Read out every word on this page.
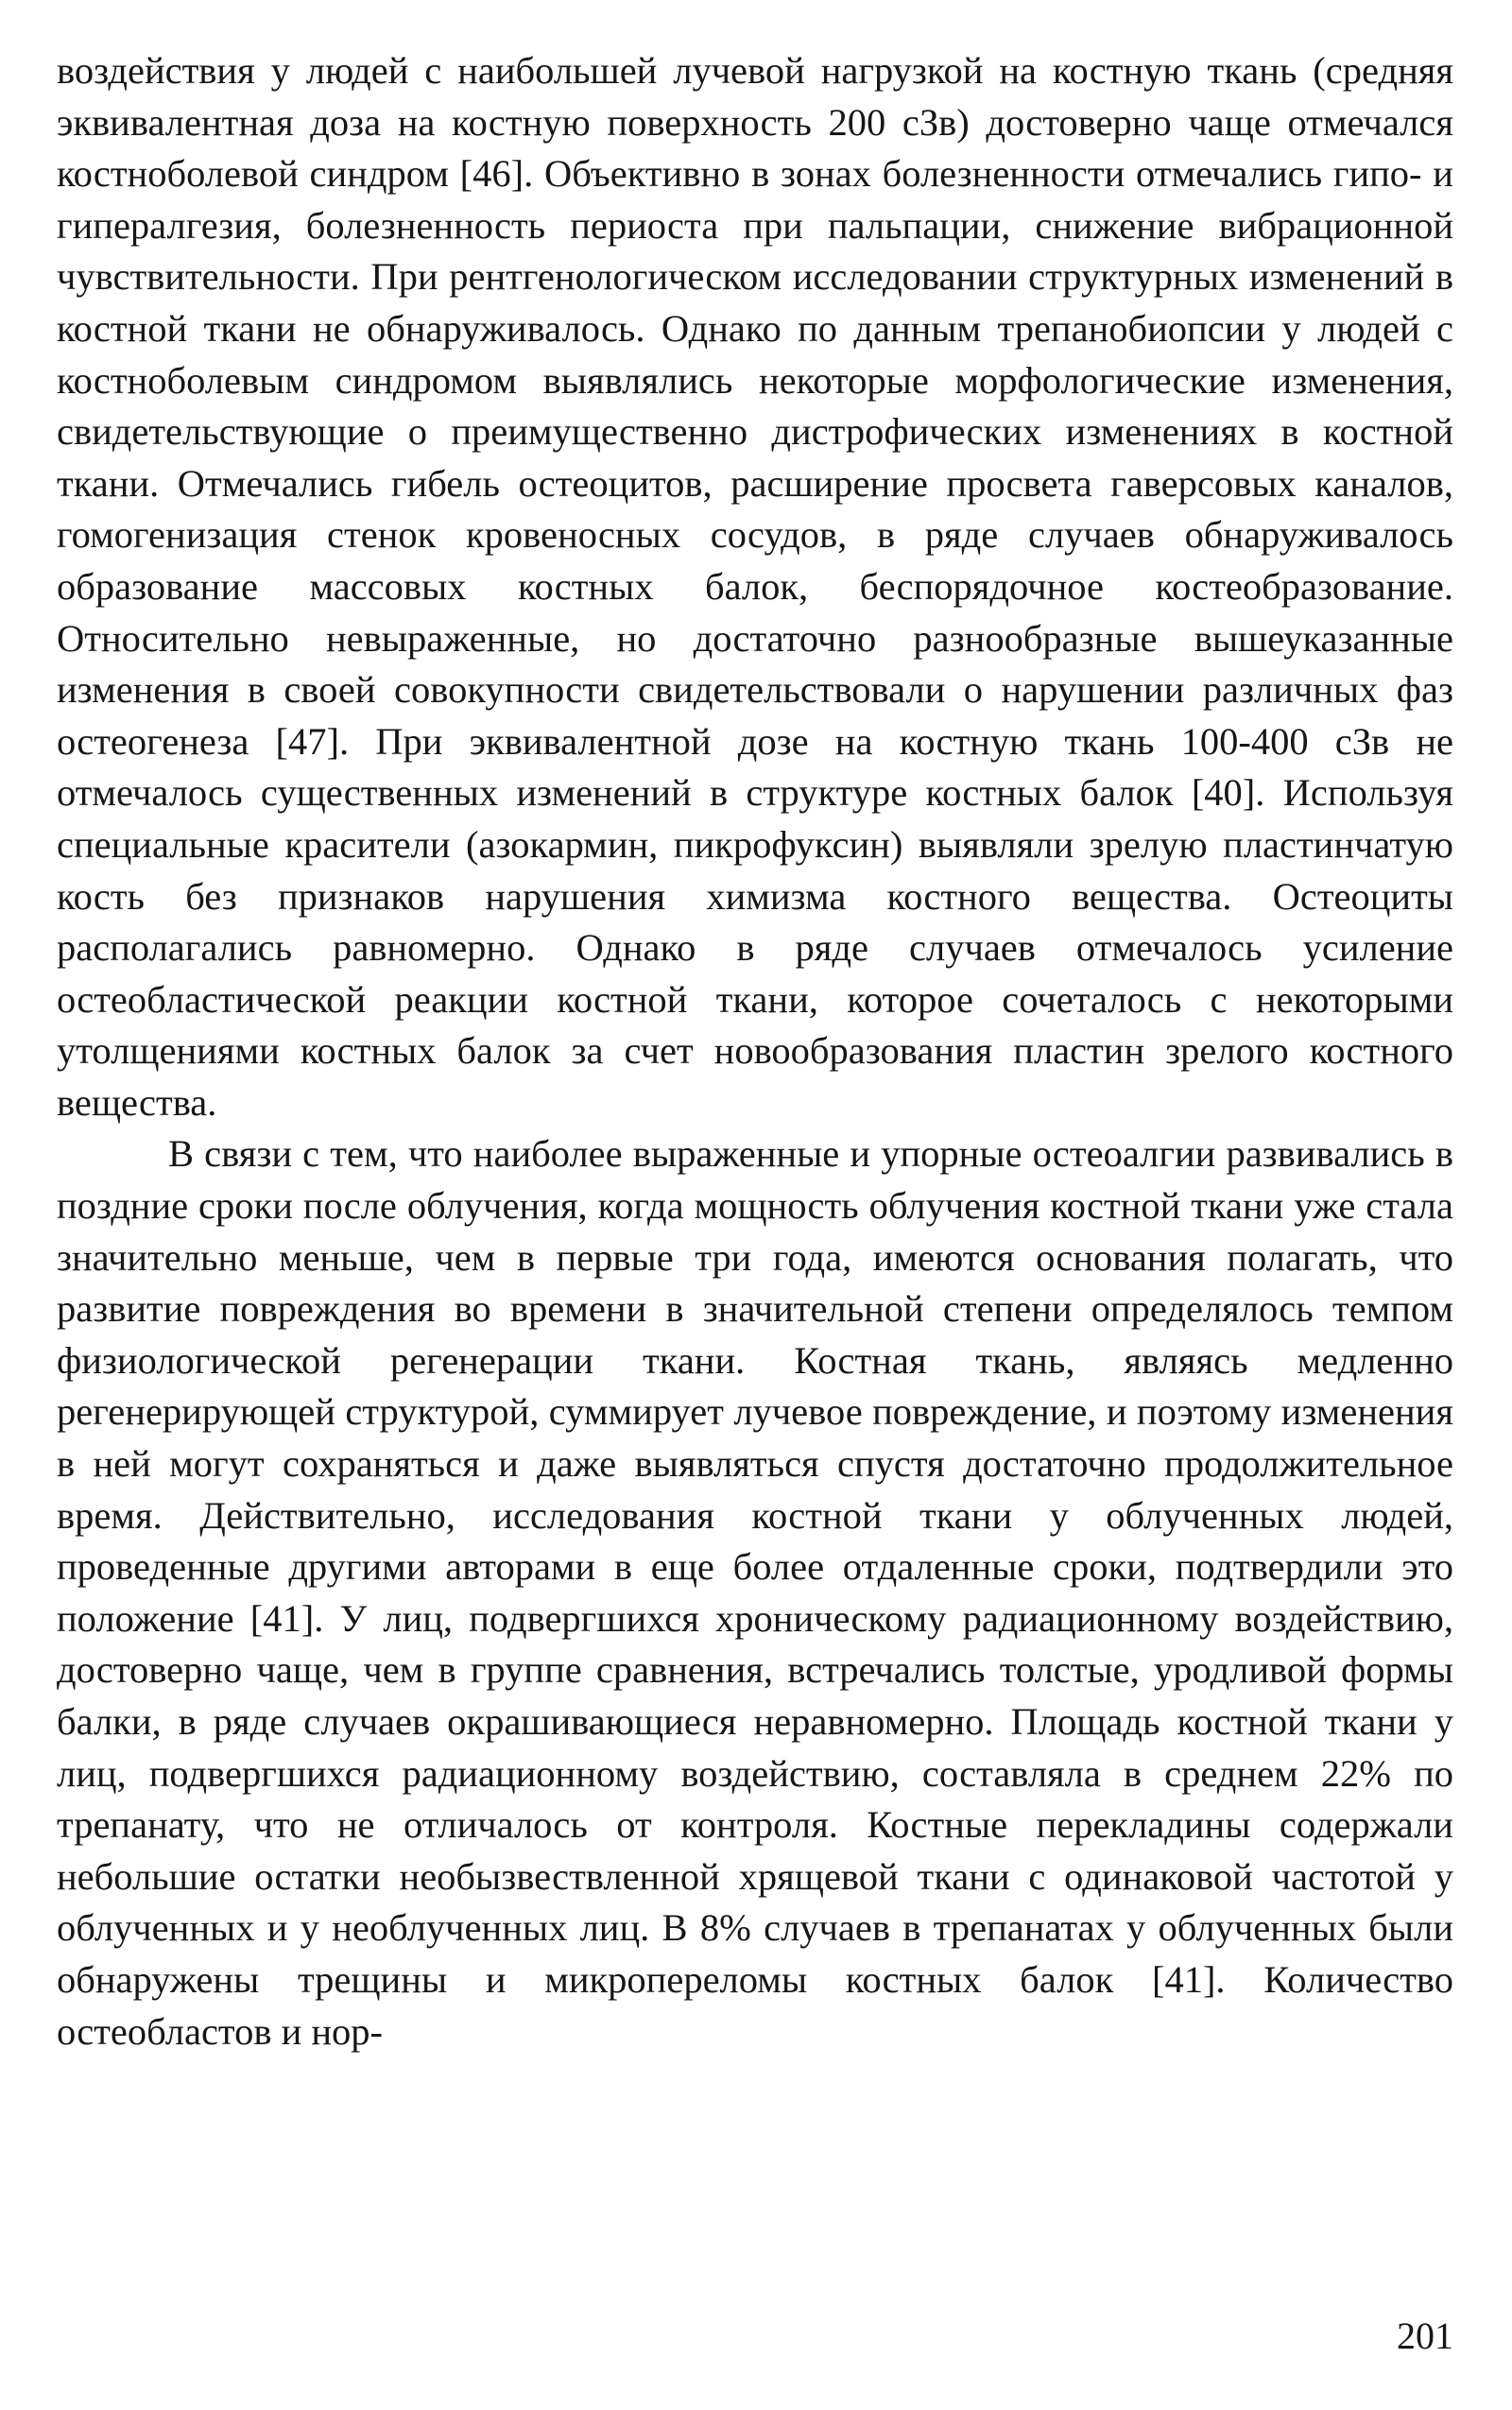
воздействия у людей с наибольшей лучевой нагрузкой на костную ткань (средняя эквивалентная доза на костную поверхность 200 сЗв) достоверно чаще отмечался костноболевой синдром [46]. Объективно в зонах болезненности отмечались гипо- и гипералгезия, болезненность периоста при пальпации, снижение вибрационной чувствительности. При рентгенологическом исследовании структурных изменений в костной ткани не обнаруживалось. Однако по данным трепанобиопсии у людей с костноболевым синдромом выявлялись некоторые морфологические изменения, свидетельствующие о преимущественно дистрофических изменениях в костной ткани. Отмечались гибель остеоцитов, расширение просвета гаверсовых каналов, гомогенизация стенок кровеносных сосудов, в ряде случаев обнаруживалось образование массовых костных балок, беспорядочное костеобразование. Относительно невыраженные, но достаточно разнообразные вышеуказанные изменения в своей совокупности свидетельствовали о нарушении различных фаз остеогенеза [47]. При эквивалентной дозе на костную ткань 100-400 сЗв не отмечалось существенных изменений в структуре костных балок [40]. Используя специальные красители (азокармин, пикрофуксин) выявляли зрелую пластинчатую кость без признаков нарушения химизма костного вещества. Остеоциты располагались равномерно. Однако в ряде случаев отмечалось усиление остеобластической реакции костной ткани, которое сочеталось с некоторыми утолщениями костных балок за счет новообразования пластин зрелого костного вещества.

В связи с тем, что наиболее выраженные и упорные остеоалгии развивались в поздние сроки после облучения, когда мощность облучения костной ткани уже стала значительно меньше, чем в первые три года, имеются основания полагать, что развитие повреждения во времени в значительной степени определялось темпом физиологической регенерации ткани. Костная ткань, являясь медленно регенерирующей структурой, суммирует лучевое повреждение, и поэтому изменения в ней могут сохраняться и даже выявляться спустя достаточно продолжительное время. Действительно, исследования костной ткани у облученных людей, проведенные другими авторами в еще более отдаленные сроки, подтвердили это положение [41]. У лиц, подвергшихся хроническому радиационному воздействию, достоверно чаще, чем в группе сравнения, встречались толстые, уродливой формы балки, в ряде случаев окрашивающиеся неравномерно. Площадь костной ткани у лиц, подвергшихся радиационному воздействию, составляла в среднем 22% по трепанату, что не отличалось от контроля. Костные перекладины содержали небольшие остатки необызвествленной хрящевой ткани с одинаковой частотой у облученных и у необлученных лиц. В 8% случаев в трепанатах у облученных были обнаружены трещины и микропереломы костных балок [41]. Количество остеобластов и нор-

201
